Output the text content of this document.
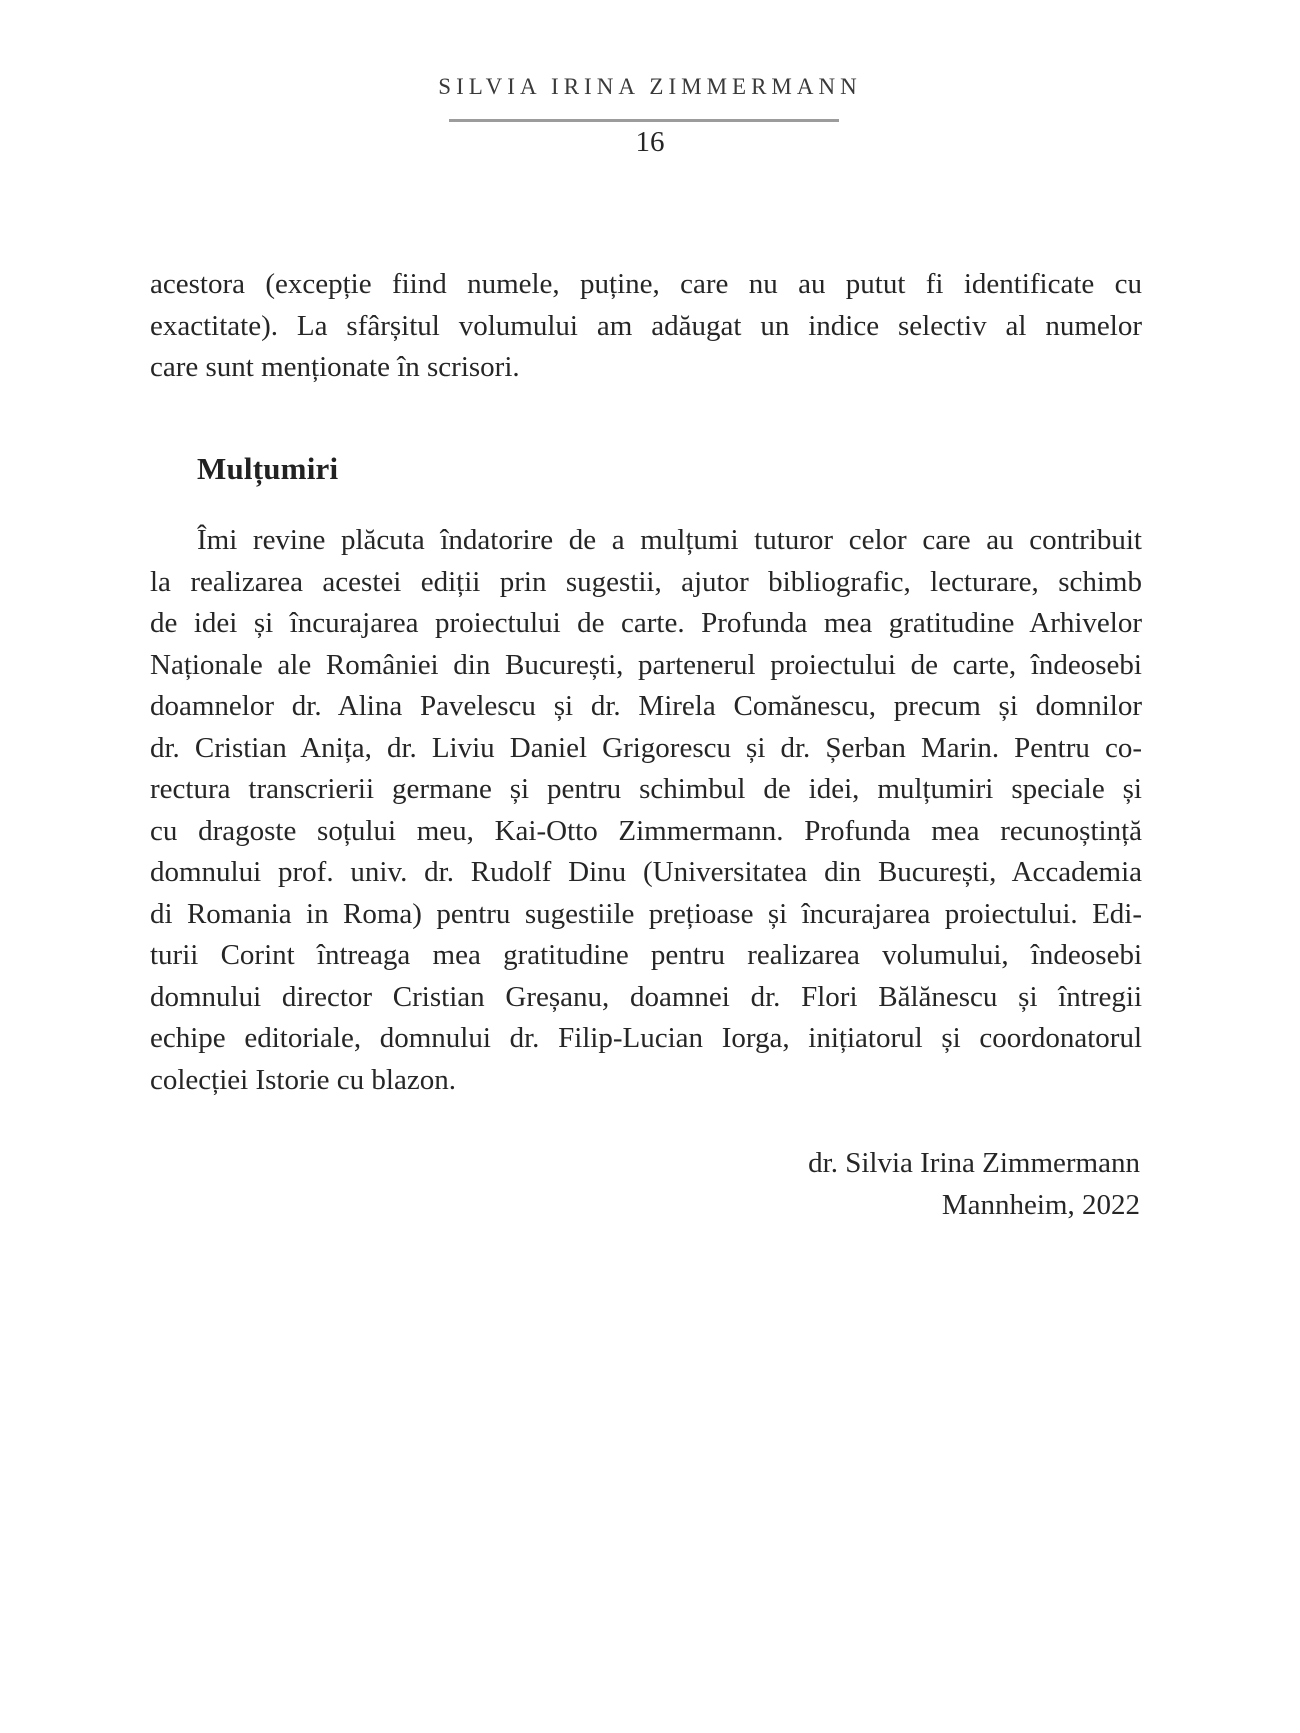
SILVIA IRINA ZIMMERMANN
16
acestora (excepție fiind numele, puține, care nu au putut fi identificate cu
exactitate). La sfârșitul volumului am adăugat un indice selectiv al numelor
care sunt menționate în scrisori.
Mulțumiri
Îmi revine plăcuta îndatorire de a mulțumi tuturor celor care au contribuit
la realizarea acestei ediții prin sugestii, ajutor bibliografic, lecturare, schimb
de idei și încurajarea proiectului de carte. Profunda mea gratitudine Arhivelor
Naționale ale României din București, partenerul proiectului de carte, îndeosebi
doamnelor dr. Alina Pavelescu și dr. Mirela Comănescu, precum și domnilor
dr. Cristian Anița, dr. Liviu Daniel Grigorescu și dr. Șerban Marin. Pentru co-
rectura transcrierii germane și pentru schimbul de idei, mulțumiri speciale și
cu dragoste soțului meu, Kai-Otto Zimmermann. Profunda mea recunoștință
domnului prof. univ. dr. Rudolf Dinu (Universitatea din București, Accademia
di Romania in Roma) pentru sugestiile prețioase și încurajarea proiectului. Edi-
turii Corint întreaga mea gratitudine pentru realizarea volumului, îndeosebi
domnului director Cristian Greșanu, doamnei dr. Flori Bălănescu și întregii
echipe editoriale, domnului dr. Filip-Lucian Iorga, inițiatorul și coordonatorul
colecției Istorie cu blazon.
dr. Silvia Irina Zimmermann
Mannheim, 2022
